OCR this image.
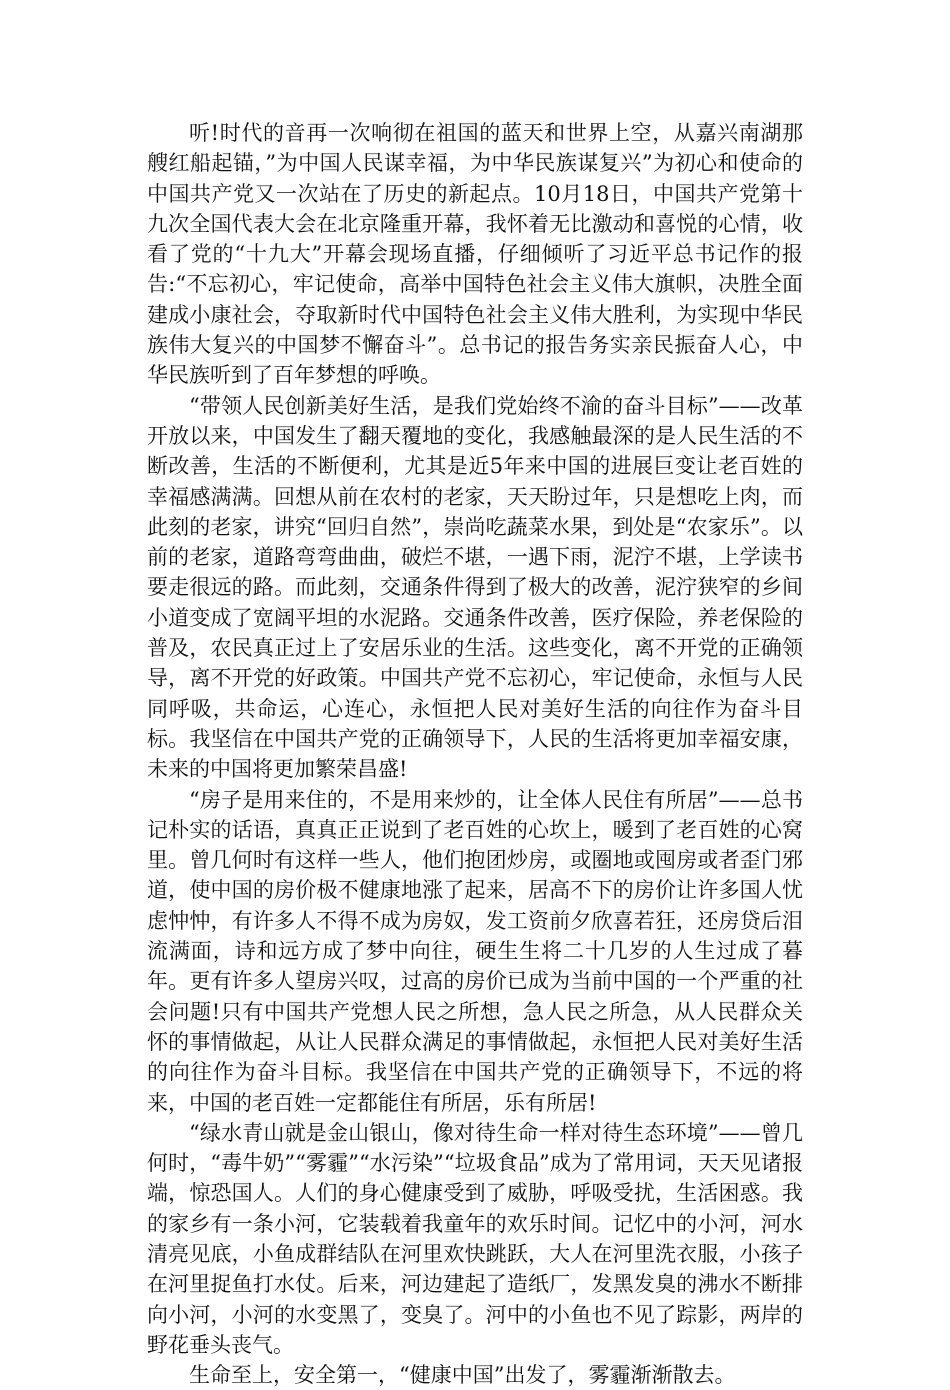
听!时代的音再一次响彻在祖国的蓝天和世界上空，从嘉兴南湖那艘红船起锚，”为中国人民谋幸福，为中华民族谋复兴”为初心和使命的中国共产党又一次站在了历史的新起点。10月18日，中国共产党第十九次全国代表大会在北京隆重开幕，我怀着无比激动和喜悦的心情，收看了党的“十九大”开幕会现场直播，仔细倾听了习近平总书记作的报告:“不忘初心，牢记使命，高举中国特色社会主义伟大旗帜，决胜全面建成小康社会，夺取新时代中国特色社会主义伟大胜利，为实现中华民族伟大复兴的中国梦不懈奋斗”。总书记的报告务实亲民振奋人心，中华民族听到了百年梦想的呼唤。

“带领人民创新美好生活，是我们党始终不渝的奋斗目标”——改革开放以来，中国发生了翻天覆地的变化，我感触最深的是人民生活的不断改善，生活的不断便利，尤其是近5年来中国的进展巨变让老百姓的幸福感满满。回想从前在农村的老家，天天盼过年，只是想吃上肉，而此刻的老家，讲究“回归自然”，崇尚吃蔬菜水果，到处是“农家乐”。以前的老家，道路弯弯曲曲，破烂不堪，一遇下雨，泥泞不堪，上学读书要走很远的路。而此刻，交通条件得到了极大的改善，泥泞狭窄的乡间小道变成了宽阔平坦的水泥路。交通条件改善，医疗保险，养老保险的普及，农民真正过上了安居乐业的生活。这些变化，离不开党的正确领导，离不开党的好政策。中国共产党不忘初心，牢记使命，永恒与人民同呼吸，共命运，心连心，永恒把人民对美好生活的向往作为奋斗目标。我坚信在中国共产党的正确领导下，人民的生活将更加幸福安康，未来的中国将更加繁荣昌盛!

“房子是用来住的，不是用来炒的，让全体人民住有所居”——总书记朴实的话语，真真正正说到了老百姓的心坎上，暖到了老百姓的心窝里。曾几何时有这样一些人，他们抱团炒房，或圈地或囤房或者歪门邪道，使中国的房价极不健康地涨了起来，居高不下的房价让许多国人忧虑忡忡，有许多人不得不成为房奴，发工资前夕欣喜若狂，还房贷后泪流满面，诗和远方成了梦中向往，硬生生将二十几岁的人生过成了暮年。更有许多人望房兴叹，过高的房价已成为当前中国的一个严重的社会问题!只有中国共产党想人民之所想，急人民之所急，从人民群众关怀的事情做起，从让人民群众满足的事情做起，永恒把人民对美好生活的向往作为奋斗目标。我坚信在中国共产党的正确领导下，不远的将来，中国的老百姓一定都能住有所居，乐有所居!

“绿水青山就是金山银山，像对待生命一样对待生态环境”——曾几何时，“毒牛奶”“雾霾”“水污染”“垃圾食品”成为了常用词，天天见诸报端，惊恐国人。人们的身心健康受到了威胁，呼吸受扰，生活困惑。我的家乡有一条小河，它装载着我童年的欢乐时间。记忆中的小河，河水清亮见底，小鱼成群结队在河里欢快跳跃，大人在河里洗衣服，小孩子在河里捉鱼打水仗。后来，河边建起了造纸厂，发黑发臭的沸水不断排向小河，小河的水变黑了，变臭了。河中的小鱼也不见了踪影，两岸的野花垂头丧气。

生命至上，安全第一，“健康中国”出发了，雾霾渐渐散去。
